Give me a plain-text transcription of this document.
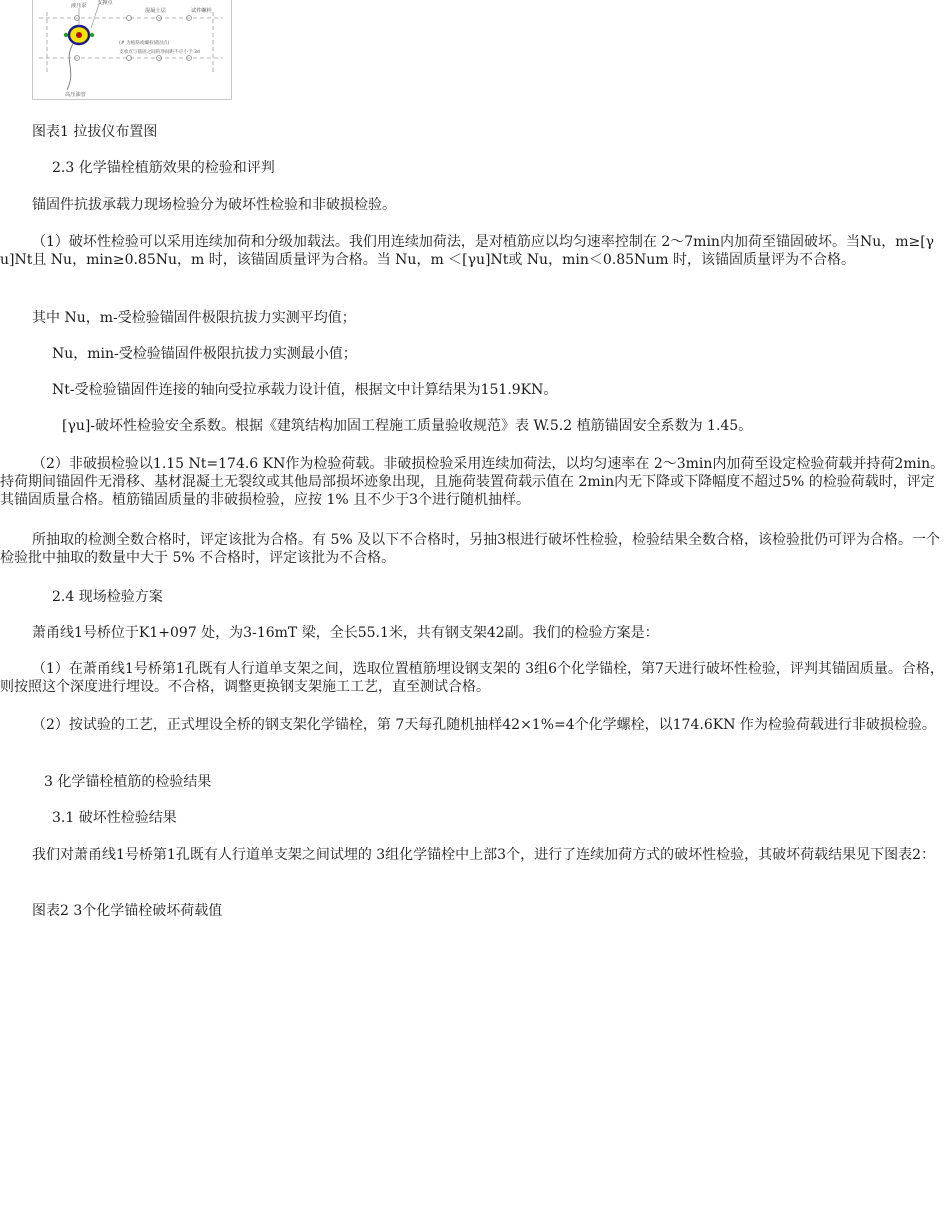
液压泵 支撑点
混凝土层	试件螺栓
(# 为植筋或螺栓锚固点)
支承点与锚固之间的净间距不应小于 3d
高压油管

图表1 拉拔仪布置图

2.3 化学锚栓植筋效果的检验和评判

锚固件抗拔承载力现场检验分为破坏性检验和非破损检验。

（1）破坏性检验可以采用连续加荷和分级加载法。我们用连续加荷法，是对植筋应以均匀速率控制在 2～7min内加荷至锚固破坏。当Nu，m≥[γu]Nt且 Nu，min≥0.85Nu，m 时，该锚固质量评为合格。当 Nu，m ＜[γu]Nt或 Nu，min＜0.85Num 时，该锚固质量评为不合格。

其中 Nu，m-受检验锚固件极限抗拔力实测平均值；

Nu，min-受检验锚固件极限抗拔力实测最小值；

Nt-受检验锚固件连接的轴向受拉承载力设计值，根据文中计算结果为151.9KN。

[γu]-破坏性检验安全系数。根据《建筑结构加固工程施工质量验收规范》表 W.5.2 植筋锚固安全系数为 1.45。

（2）非破损检验以1.15 Nt=174.6 KN作为检验荷载。非破损检验采用连续加荷法，以均匀速率在 2～3min内加荷至设定检验荷载并持荷2min。持荷期间锚固件无滑移、基材混凝土无裂纹或其他局部损坏迹象出现，且施荷装置荷载示值在 2min内无下降或下降幅度不超过5% 的检验荷载时，评定其锚固质量合格。植筋锚固质量的非破损检验，应按 1% 且不少于3个进行随机抽样。

所抽取的检测全数合格时，评定该批为合格。有 5% 及以下不合格时，另抽3根进行破坏性检验，检验结果全数合格，该检验批仍可评为合格。一个检验批中抽取的数量中大于 5% 不合格时，评定该批为不合格。

2.4 现场检验方案

萧甬线1号桥位于K1+097 处，为3-16mT 梁，全长55.1米，共有钢支架42副。我们的检验方案是：

（1）在萧甬线1号桥第1孔既有人行道单支架之间，选取位置植筋埋设钢支架的 3组6个化学锚栓，第7天进行破坏性检验，评判其锚固质量。合格，则按照这个深度进行埋设。不合格，调整更换钢支架施工工艺，直至测试合格。

（2）按试验的工艺，正式埋设全桥的钢支架化学锚栓，第 7天每孔随机抽样42×1%=4个化学螺栓，以174.6KN 作为检验荷载进行非破损检验。

3 化学锚栓植筋的检验结果

3.1 破坏性检验结果

我们对萧甬线1号桥第1孔既有人行道单支架之间试埋的 3组化学锚栓中上部3个，进行了连续加荷方式的破坏性检验，其破坏荷载结果见下图表2：

图表2 3个化学锚栓破坏荷载值
